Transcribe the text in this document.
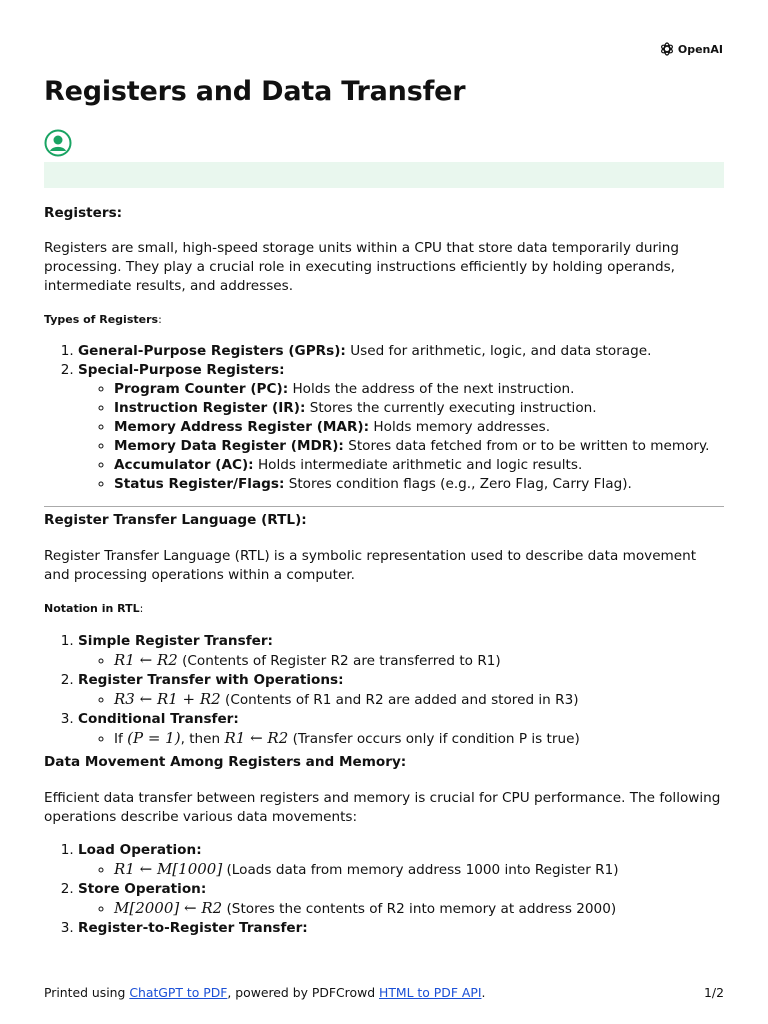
OpenAI
Registers and Data Transfer

Registers:

Registers are small, high-speed storage units within a CPU that store data temporarily during processing. They play a crucial role in executing instructions efficiently by holding operands, intermediate results, and addresses.

Types of Registers:

1. General-Purpose Registers (GPRs): Used for arithmetic, logic, and data storage.
2. Special-Purpose Registers:
◦ Program Counter (PC): Holds the address of the next instruction.
◦ Instruction Register (IR): Stores the currently executing instruction.
◦ Memory Address Register (MAR): Holds memory addresses.
◦ Memory Data Register (MDR): Stores data fetched from or to be written to memory.
◦ Accumulator (AC): Holds intermediate arithmetic and logic results.
◦ Status Register/Flags: Stores condition flags (e.g., Zero Flag, Carry Flag).

Register Transfer Language (RTL):

Register Transfer Language (RTL) is a symbolic representation used to describe data movement and processing operations within a computer.

Notation in RTL:

1. Simple Register Transfer:
◦ R1 ← R2 (Contents of Register R2 are transferred to R1)
2. Register Transfer with Operations:
◦ R3 ← R1 + R2 (Contents of R1 and R2 are added and stored in R3)
3. Conditional Transfer:
◦ If (P = 1), then R1 ← R2 (Transfer occurs only if condition P is true)

Data Movement Among Registers and Memory:

Efficient data transfer between registers and memory is crucial for CPU performance. The following operations describe various data movements:

1. Load Operation:
◦ R1 ← M[1000] (Loads data from memory address 1000 into Register R1)
2. Store Operation:
◦ M[2000] ← R2 (Stores the contents of R2 into memory at address 2000)
3. Register-to-Register Transfer:
Printed using ChatGPT to PDF, powered by PDFCrowd HTML to PDF API.	1/2
